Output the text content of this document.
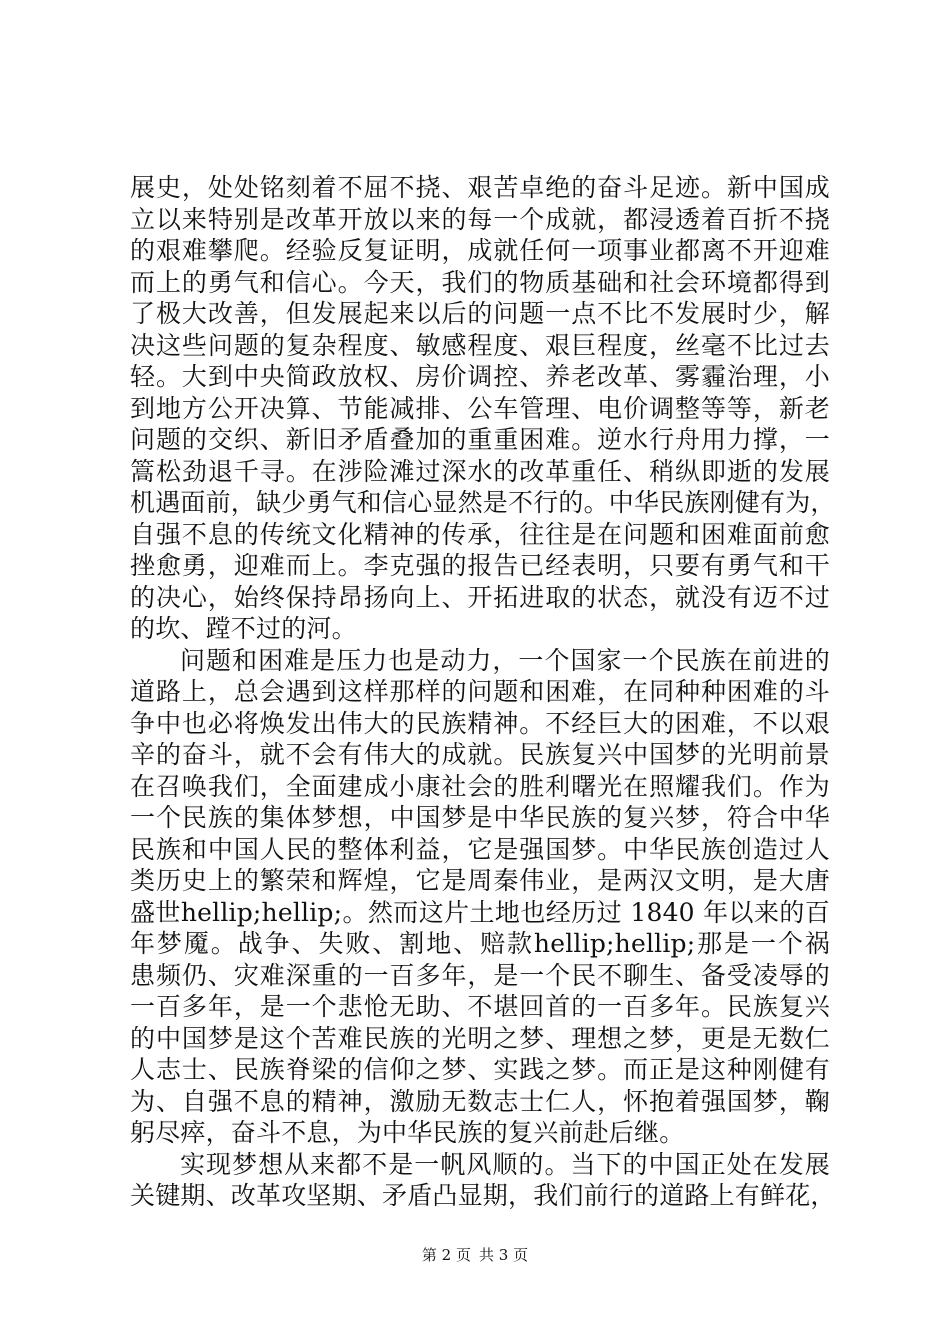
展史，处处铭刻着不屈不挠、艰苦卓绝的奋斗足迹。新中国成
立以来特别是改革开放以来的每一个成就，都浸透着百折不挠
的艰难攀爬。经验反复证明，成就任何一项事业都离不开迎难
而上的勇气和信心。今天，我们的物质基础和社会环境都得到
了极大改善，但发展起来以后的问题一点不比不发展时少，解
决这些问题的复杂程度、敏感程度、艰巨程度，丝毫不比过去
轻。大到中央简政放权、房价调控、养老改革、雾霾治理，小
到地方公开决算、节能减排、公车管理、电价调整等等，新老
问题的交织、新旧矛盾叠加的重重困难。逆水行舟用力撑，一
篙松劲退千寻。在涉险滩过深水的改革重任、稍纵即逝的发展
机遇面前，缺少勇气和信心显然是不行的。中华民族刚健有为，
自强不息的传统文化精神的传承，往往是在问题和困难面前愈
挫愈勇，迎难而上。李克强的报告已经表明，只要有勇气和干
的决心，始终保持昂扬向上、开拓进取的状态，就没有迈不过
的坎、蹚不过的河。
问题和困难是压力也是动力，一个国家一个民族在前进的
道路上，总会遇到这样那样的问题和困难，在同种种困难的斗
争中也必将焕发出伟大的民族精神。不经巨大的困难，不以艰
辛的奋斗，就不会有伟大的成就。民族复兴中国梦的光明前景
在召唤我们，全面建成小康社会的胜利曙光在照耀我们。作为
一个民族的集体梦想，中国梦是中华民族的复兴梦，符合中华
民族和中国人民的整体利益，它是强国梦。中华民族创造过人
类历史上的繁荣和辉煌，它是周秦伟业，是两汉文明，是大唐
盛世hellip;hellip;。然而这片土地也经历过 1840 年以来的百
年梦魇。战争、失败、割地、赔款hellip;hellip;那是一个祸
患频仍、灾难深重的一百多年，是一个民不聊生、备受凌辱的
一百多年，是一个悲怆无助、不堪回首的一百多年。民族复兴
的中国梦是这个苦难民族的光明之梦、理想之梦，更是无数仁
人志士、民族脊梁的信仰之梦、实践之梦。而正是这种刚健有
为、自强不息的精神，激励无数志士仁人，怀抱着强国梦，鞠
躬尽瘁，奋斗不息，为中华民族的复兴前赴后继。
实现梦想从来都不是一帆风顺的。当下的中国正处在发展
关键期、改革攻坚期、矛盾凸显期，我们前行的道路上有鲜花，
第 2 页 共 3 页
